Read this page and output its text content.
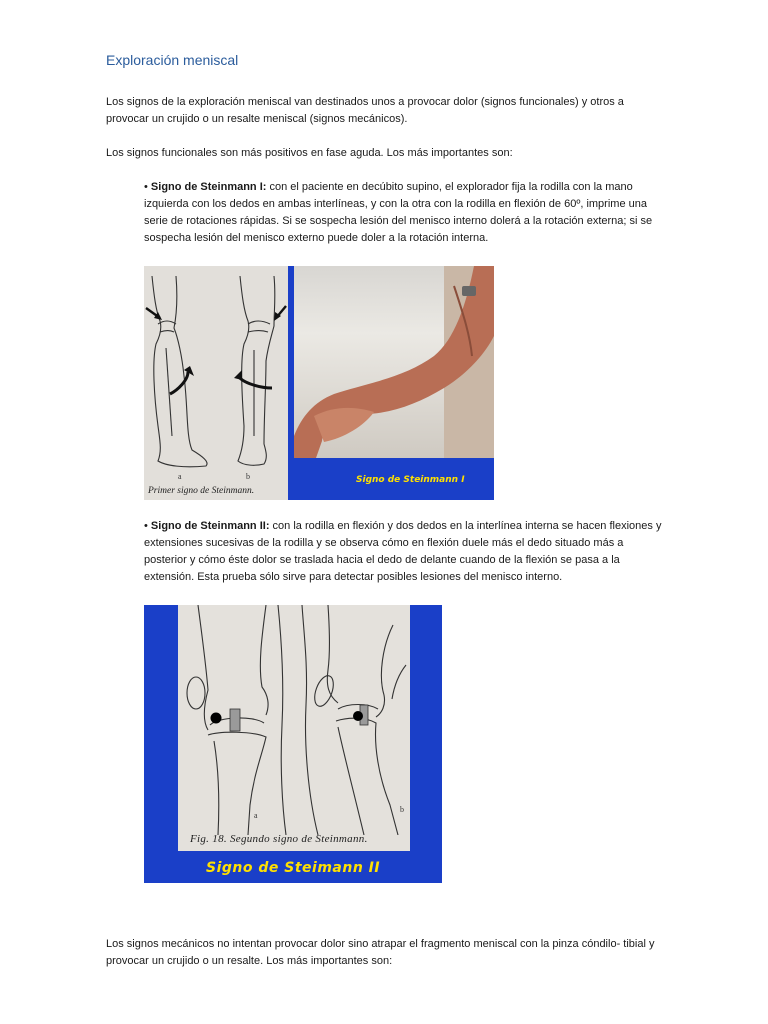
Exploración meniscal

Los signos de la exploración meniscal van destinados unos a provocar dolor (signos funcionales) y otros a provocar un crujido o un resalte meniscal (signos mecánicos).

Los signos funcionales son más positivos en fase aguda. Los más importantes son:

• Signo de Steinmann I: con el paciente en decúbito supino, el explorador fija la rodilla con la mano izquierda con los dedos en ambas interlíneas, y con la otra con la rodilla en flexión de 60º, imprime una serie de rotaciones rápidas. Si se sospecha lesión del menisco interno dolerá a la rotación externa; si se sospecha lesión del menisco externo puede doler a la rotación interna.

a	b
Primer signo de Steinmann.
Signo de Steinmann I

• Signo de Steinmann II: con la rodilla en flexión y dos dedos en la interlínea interna se hacen flexiones y extensiones sucesivas de la rodilla y se observa cómo en flexión duele más el dedo situado más a posterior y cómo éste dolor se traslada hacia el dedo de delante cuando de la flexión se pasa a la extensión. Esta prueba sólo sirve para detectar posibles lesiones del menisco interno.

a
b
Fig. 18. Segundo signo de Steinmann.
Signo de Steimann II

Los signos mecánicos no intentan provocar dolor sino atrapar el fragmento meniscal con la pinza cóndilo- tibial y provocar un crujido o un resalte. Los más importantes son:
